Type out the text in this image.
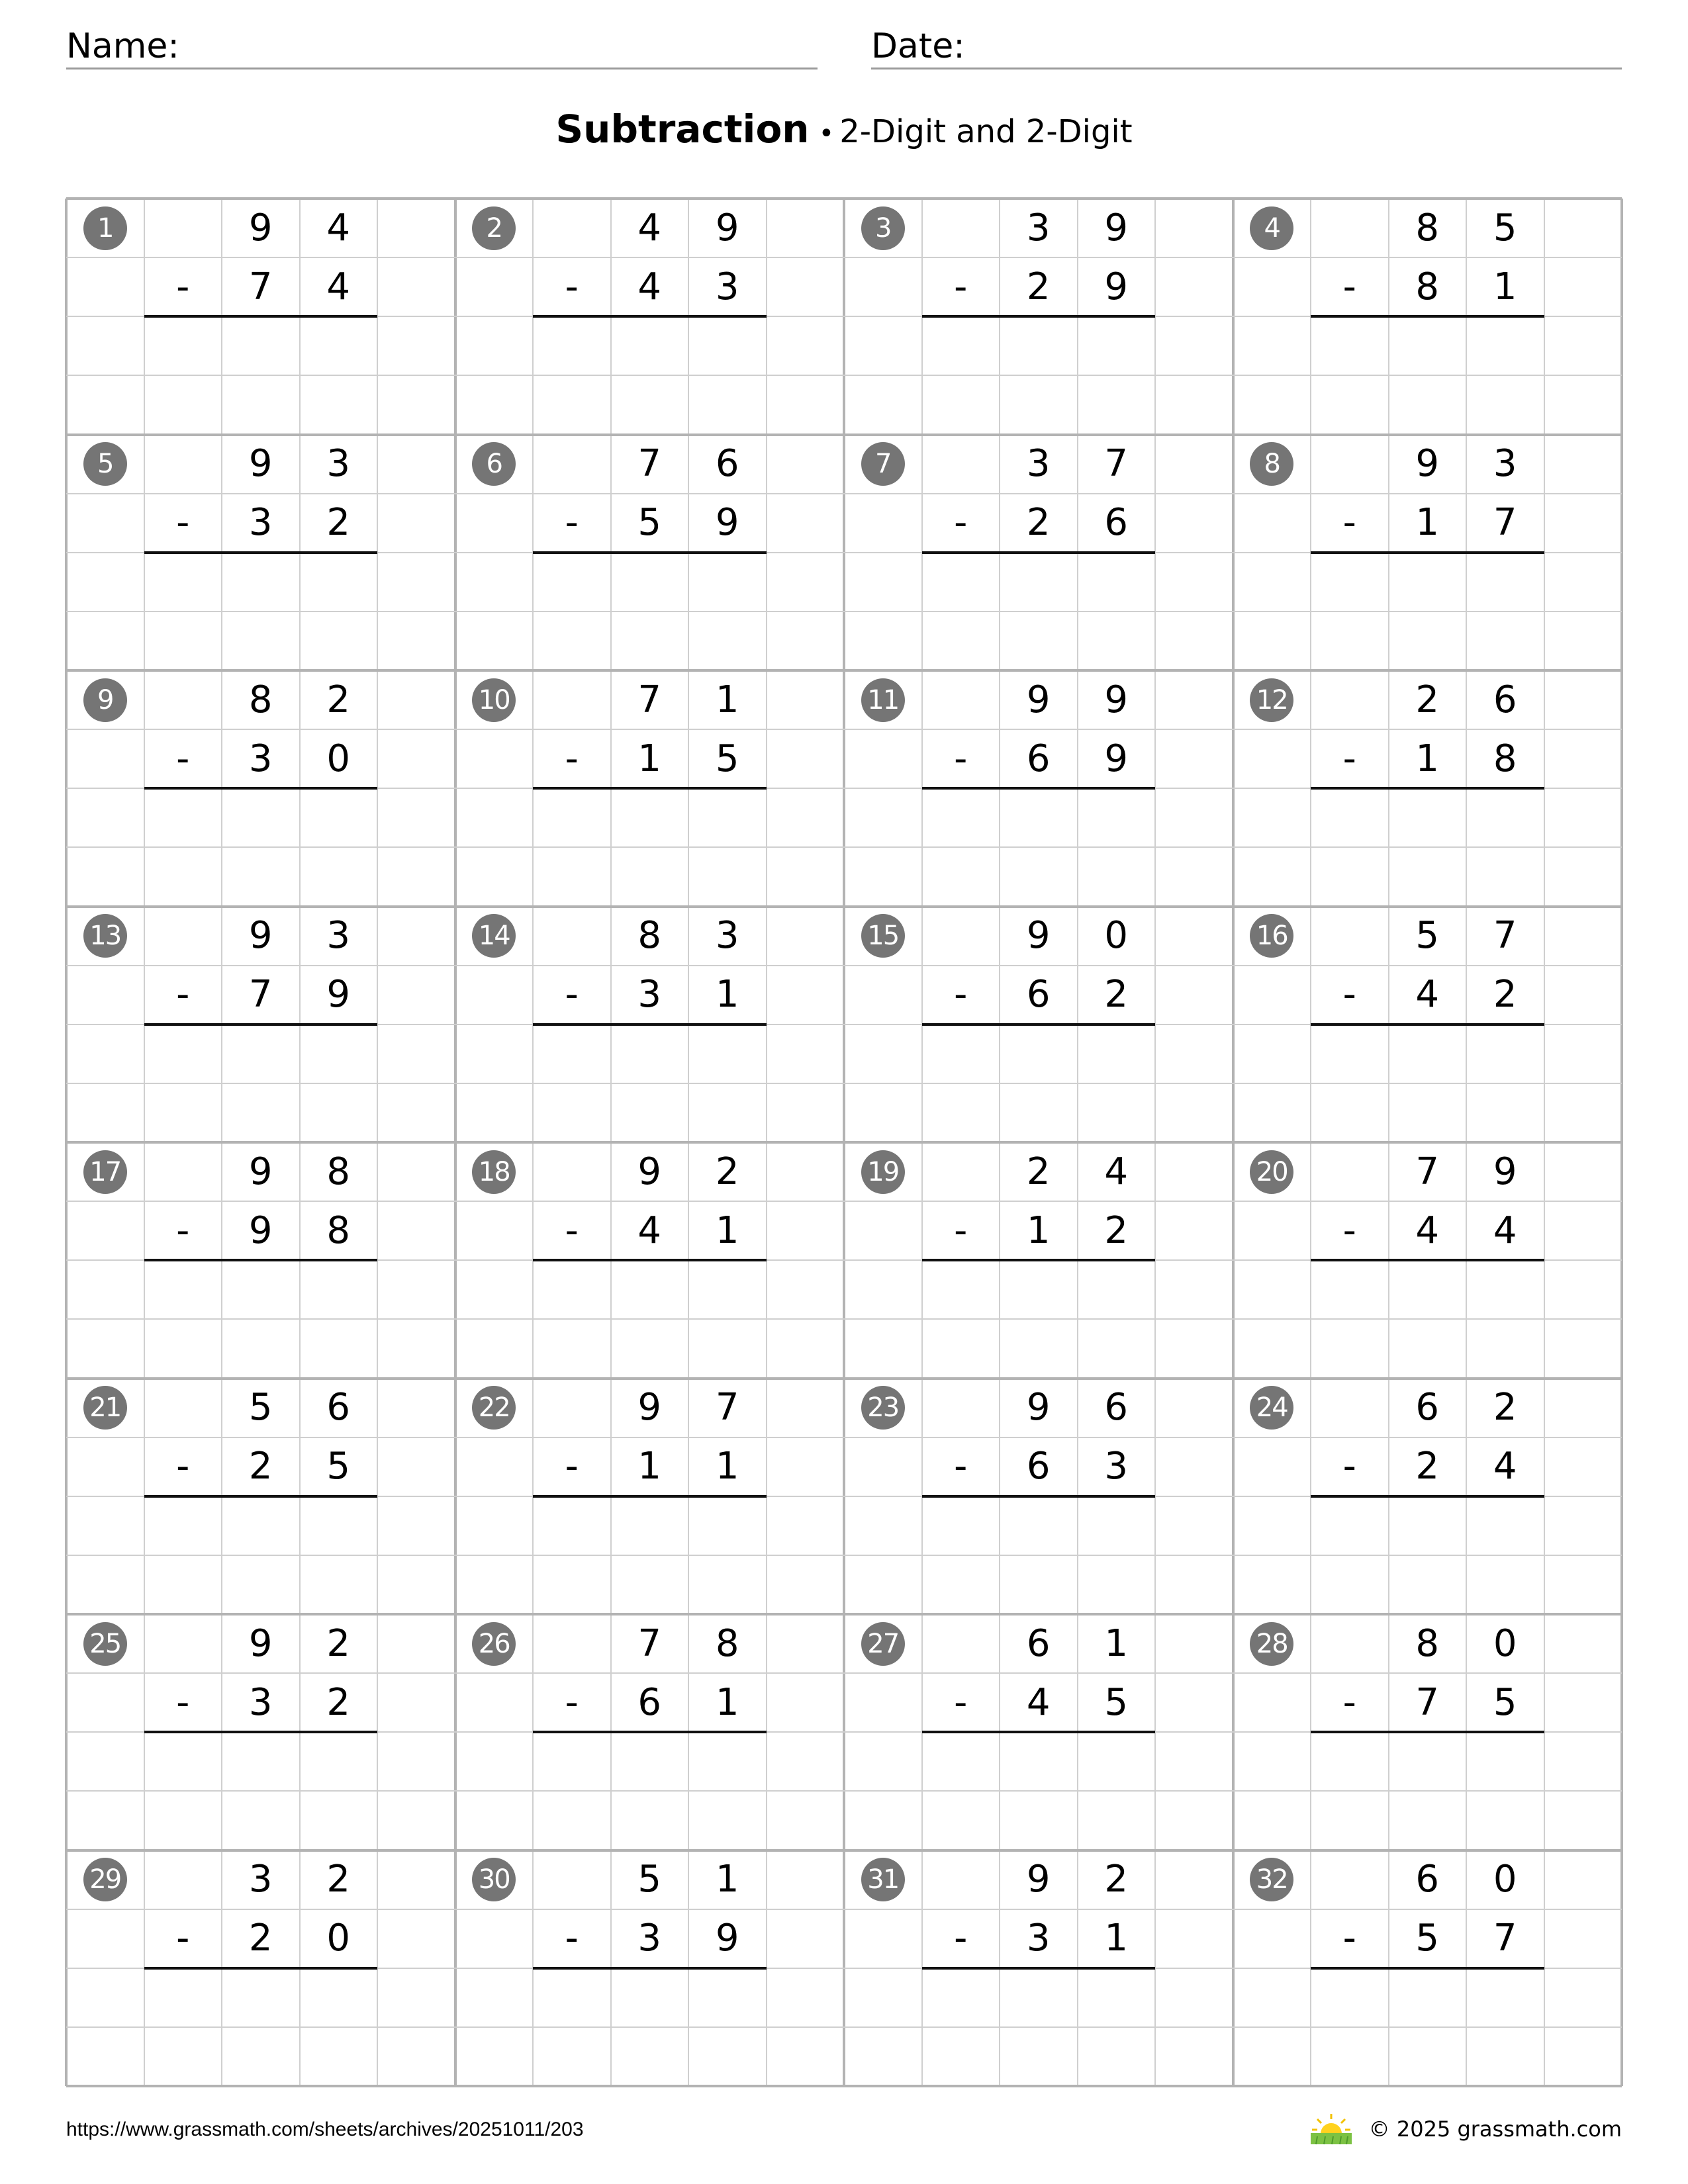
Name:	Date:
Subtraction • 2-Digit and 2-Digit
1	9	4
-	7	4
2	4	9
-	4	3
3	3	9
-	2	9
4	8	5
-	8	1
5	9	3
-	3	2
6	7	6
-	5	9
7	3	7
-	2	6
8	9	3
-	1	7
9	8	2
-	3	0
10	7	1
-	1	5
11	9	9
-	6	9
12	2	6
-	1	8
13	9	3
-	7	9
14	8	3
-	3	1
15	9	0
-	6	2
16	5	7
-	4	2
17	9	8
-	9	8
18	9	2
-	4	1
19	2	4
-	1	2
20	7	9
-	4	4
21	5	6
-	2	5
22	9	7
-	1	1
23	9	6
-	6	3
24	6	2
-	2	4
25	9	2
-	3	2
26	7	8
-	6	1
27	6	1
-	4	5
28	8	0
-	7	5
29	3	2
-	2	0
30	5	1
-	3	9
31	9	2
-	3	1
32	6	0
-	5	7
https://www.grassmath.com/sheets/archives/20251011/203	© 2025 grassmath.com
